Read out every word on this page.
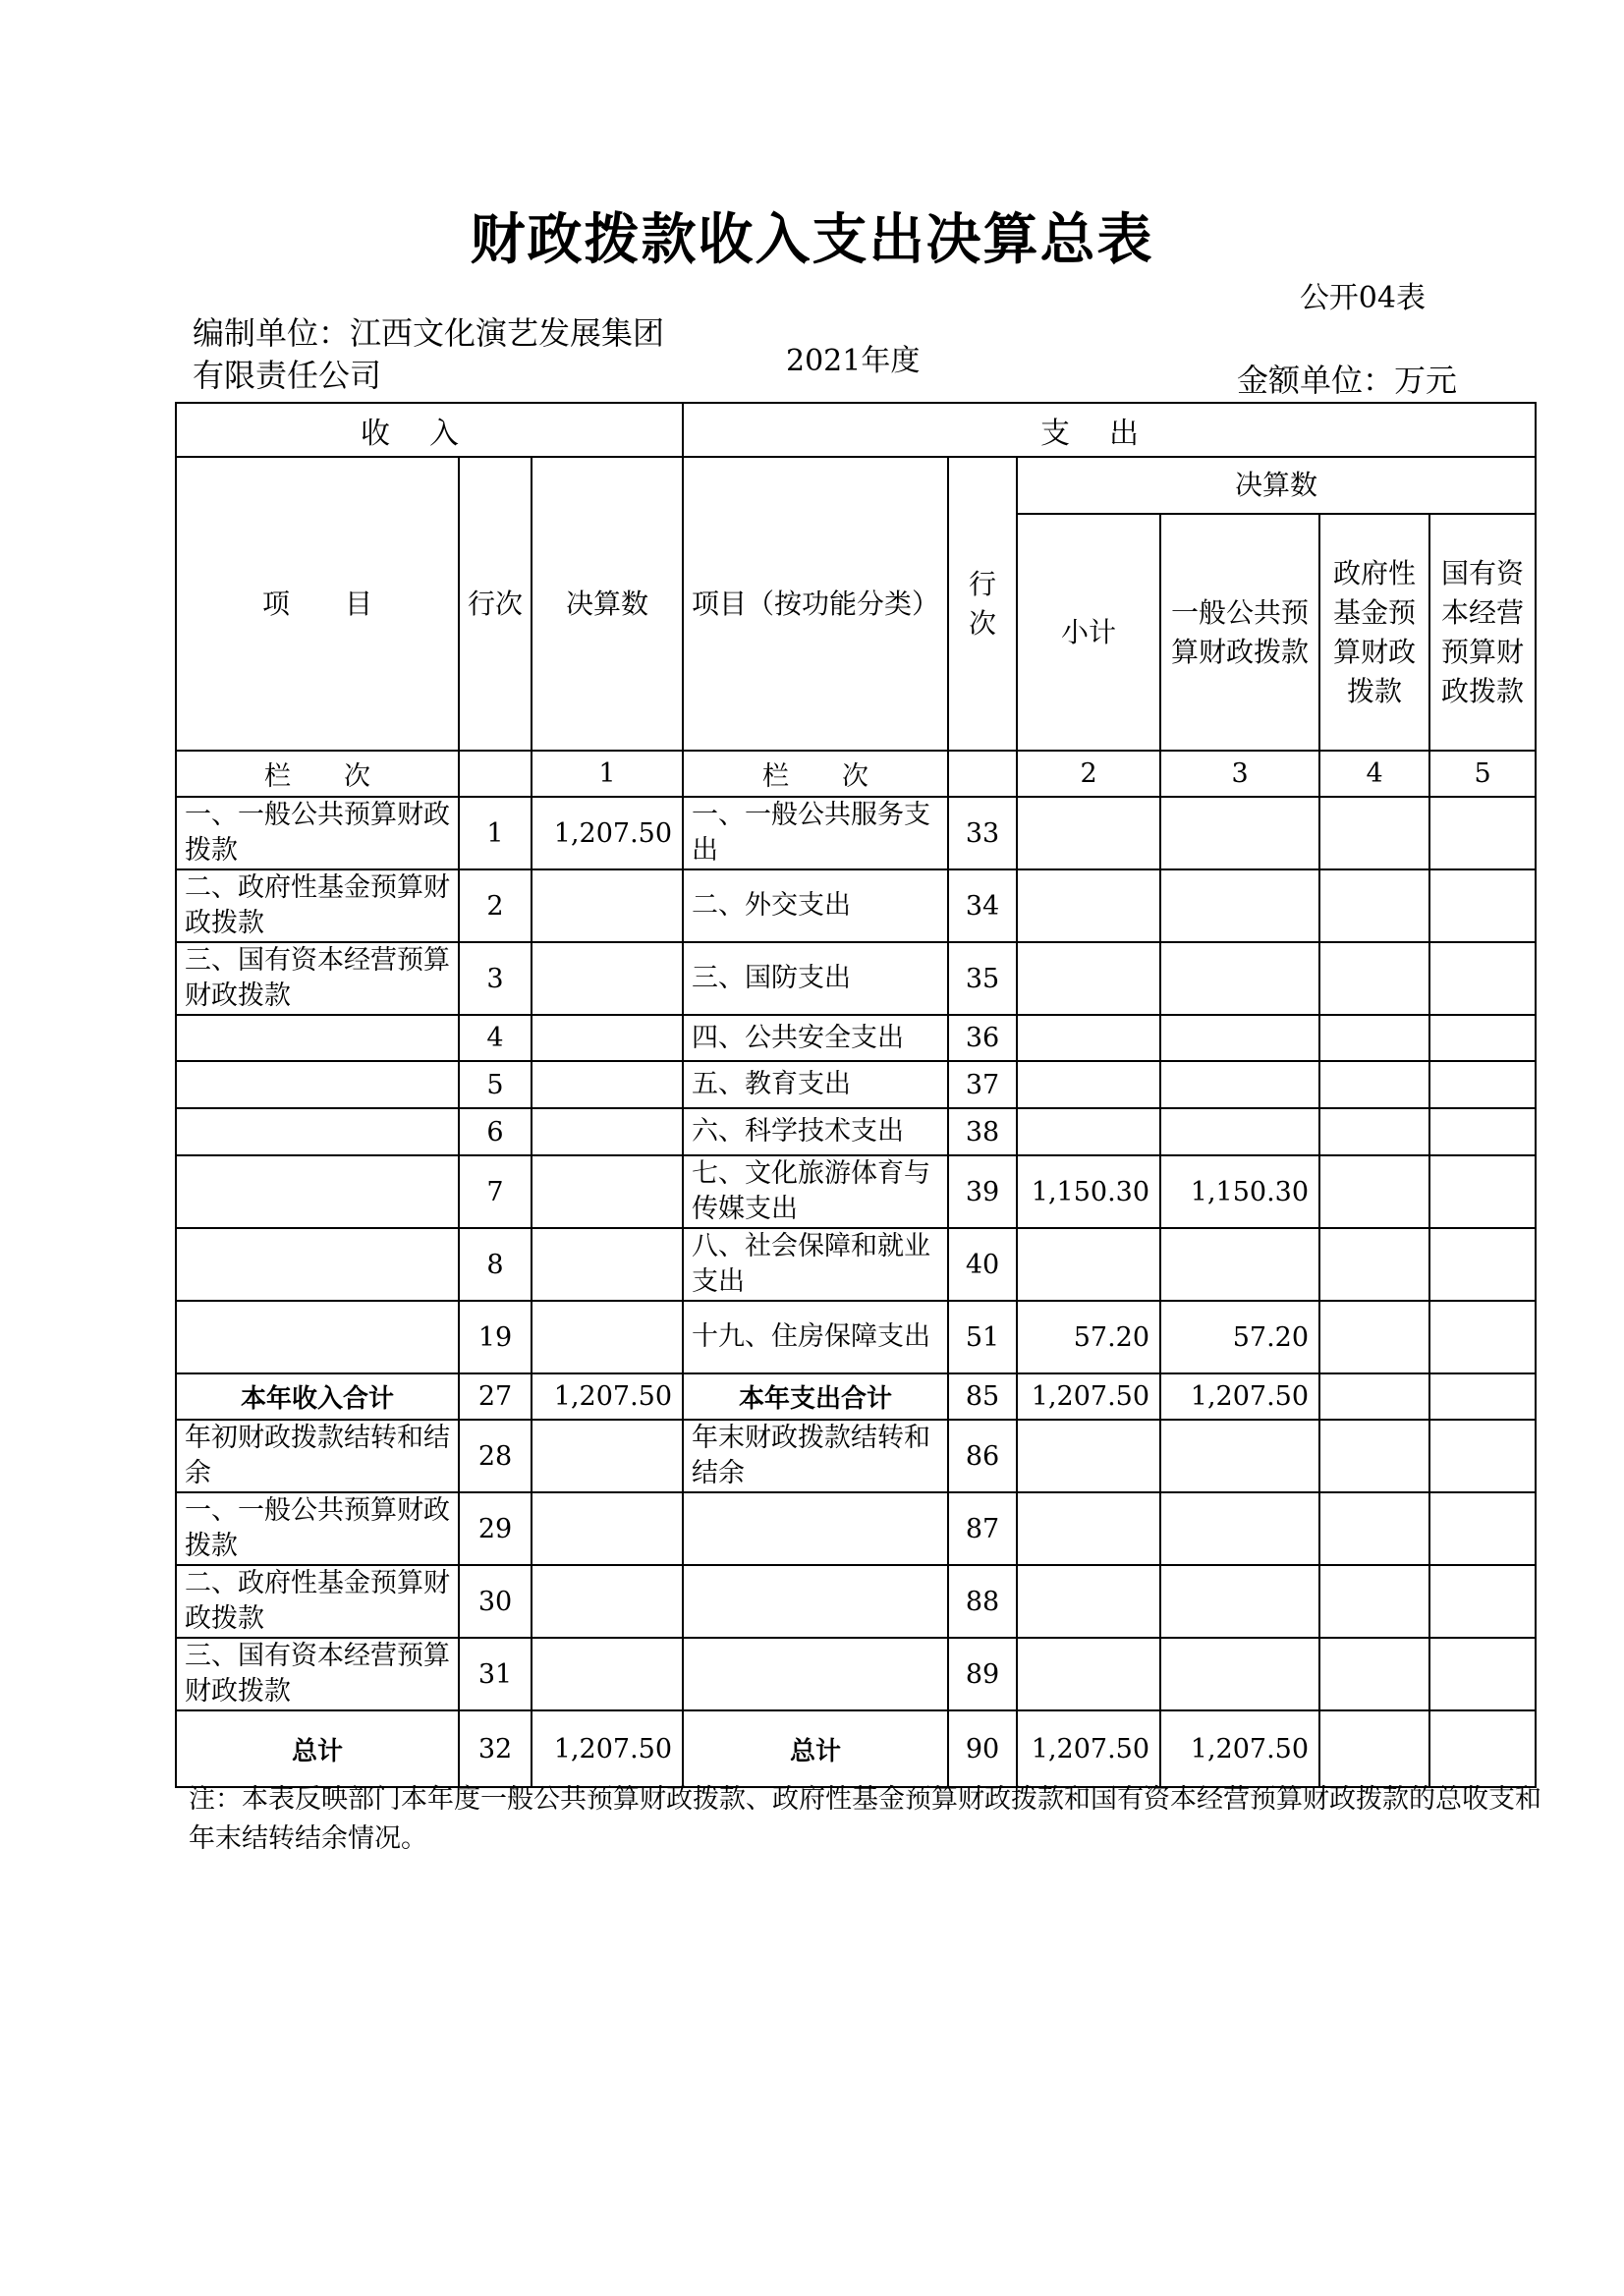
财政拨款收入支出决算总表
公开04表
编制单位：江西文化演艺发展集团有限责任公司	2021年度
金额单位：万元
收入			支出					
项　　目	行次	决算数	项目（按功能分类）	行次	决算数			
					小计	一般公共预算财政拨款	政府性基金预算财政拨款	国有资本经营预算财政拨款
栏　　次		1	栏　　次		2	3	4	5
一、一般公共预算财政拨款	1	1,207.50	一、一般公共服务支出	33				
二、政府性基金预算财政拨款	2		二、外交支出	34				
三、国有资本经营预算财政拨款	3		三、国防支出	35				
	4		四、公共安全支出	36				
	5		五、教育支出	37				
	6		六、科学技术支出	38				
	7		七、文化旅游体育与传媒支出	39	1,150.30	1,150.30		
	8		八、社会保障和就业支出	40				
	19		十九、住房保障支出	51	57.20	57.20		
本年收入合计	27	1,207.50	本年支出合计	85	1,207.50	1,207.50		
年初财政拨款结转和结余	28		年末财政拨款结转和结余	86				
一、一般公共预算财政拨款	29			87				
二、政府性基金预算财政拨款	30			88				
三、国有资本经营预算财政拨款	31			89				
总计	32	1,207.50	总计	90	1,207.50	1,207.50		
注：本表反映部门本年度一般公共预算财政拨款、政府性基金预算财政拨款和国有资本经营预算财政拨款的总收支和年末结转结余情况。
